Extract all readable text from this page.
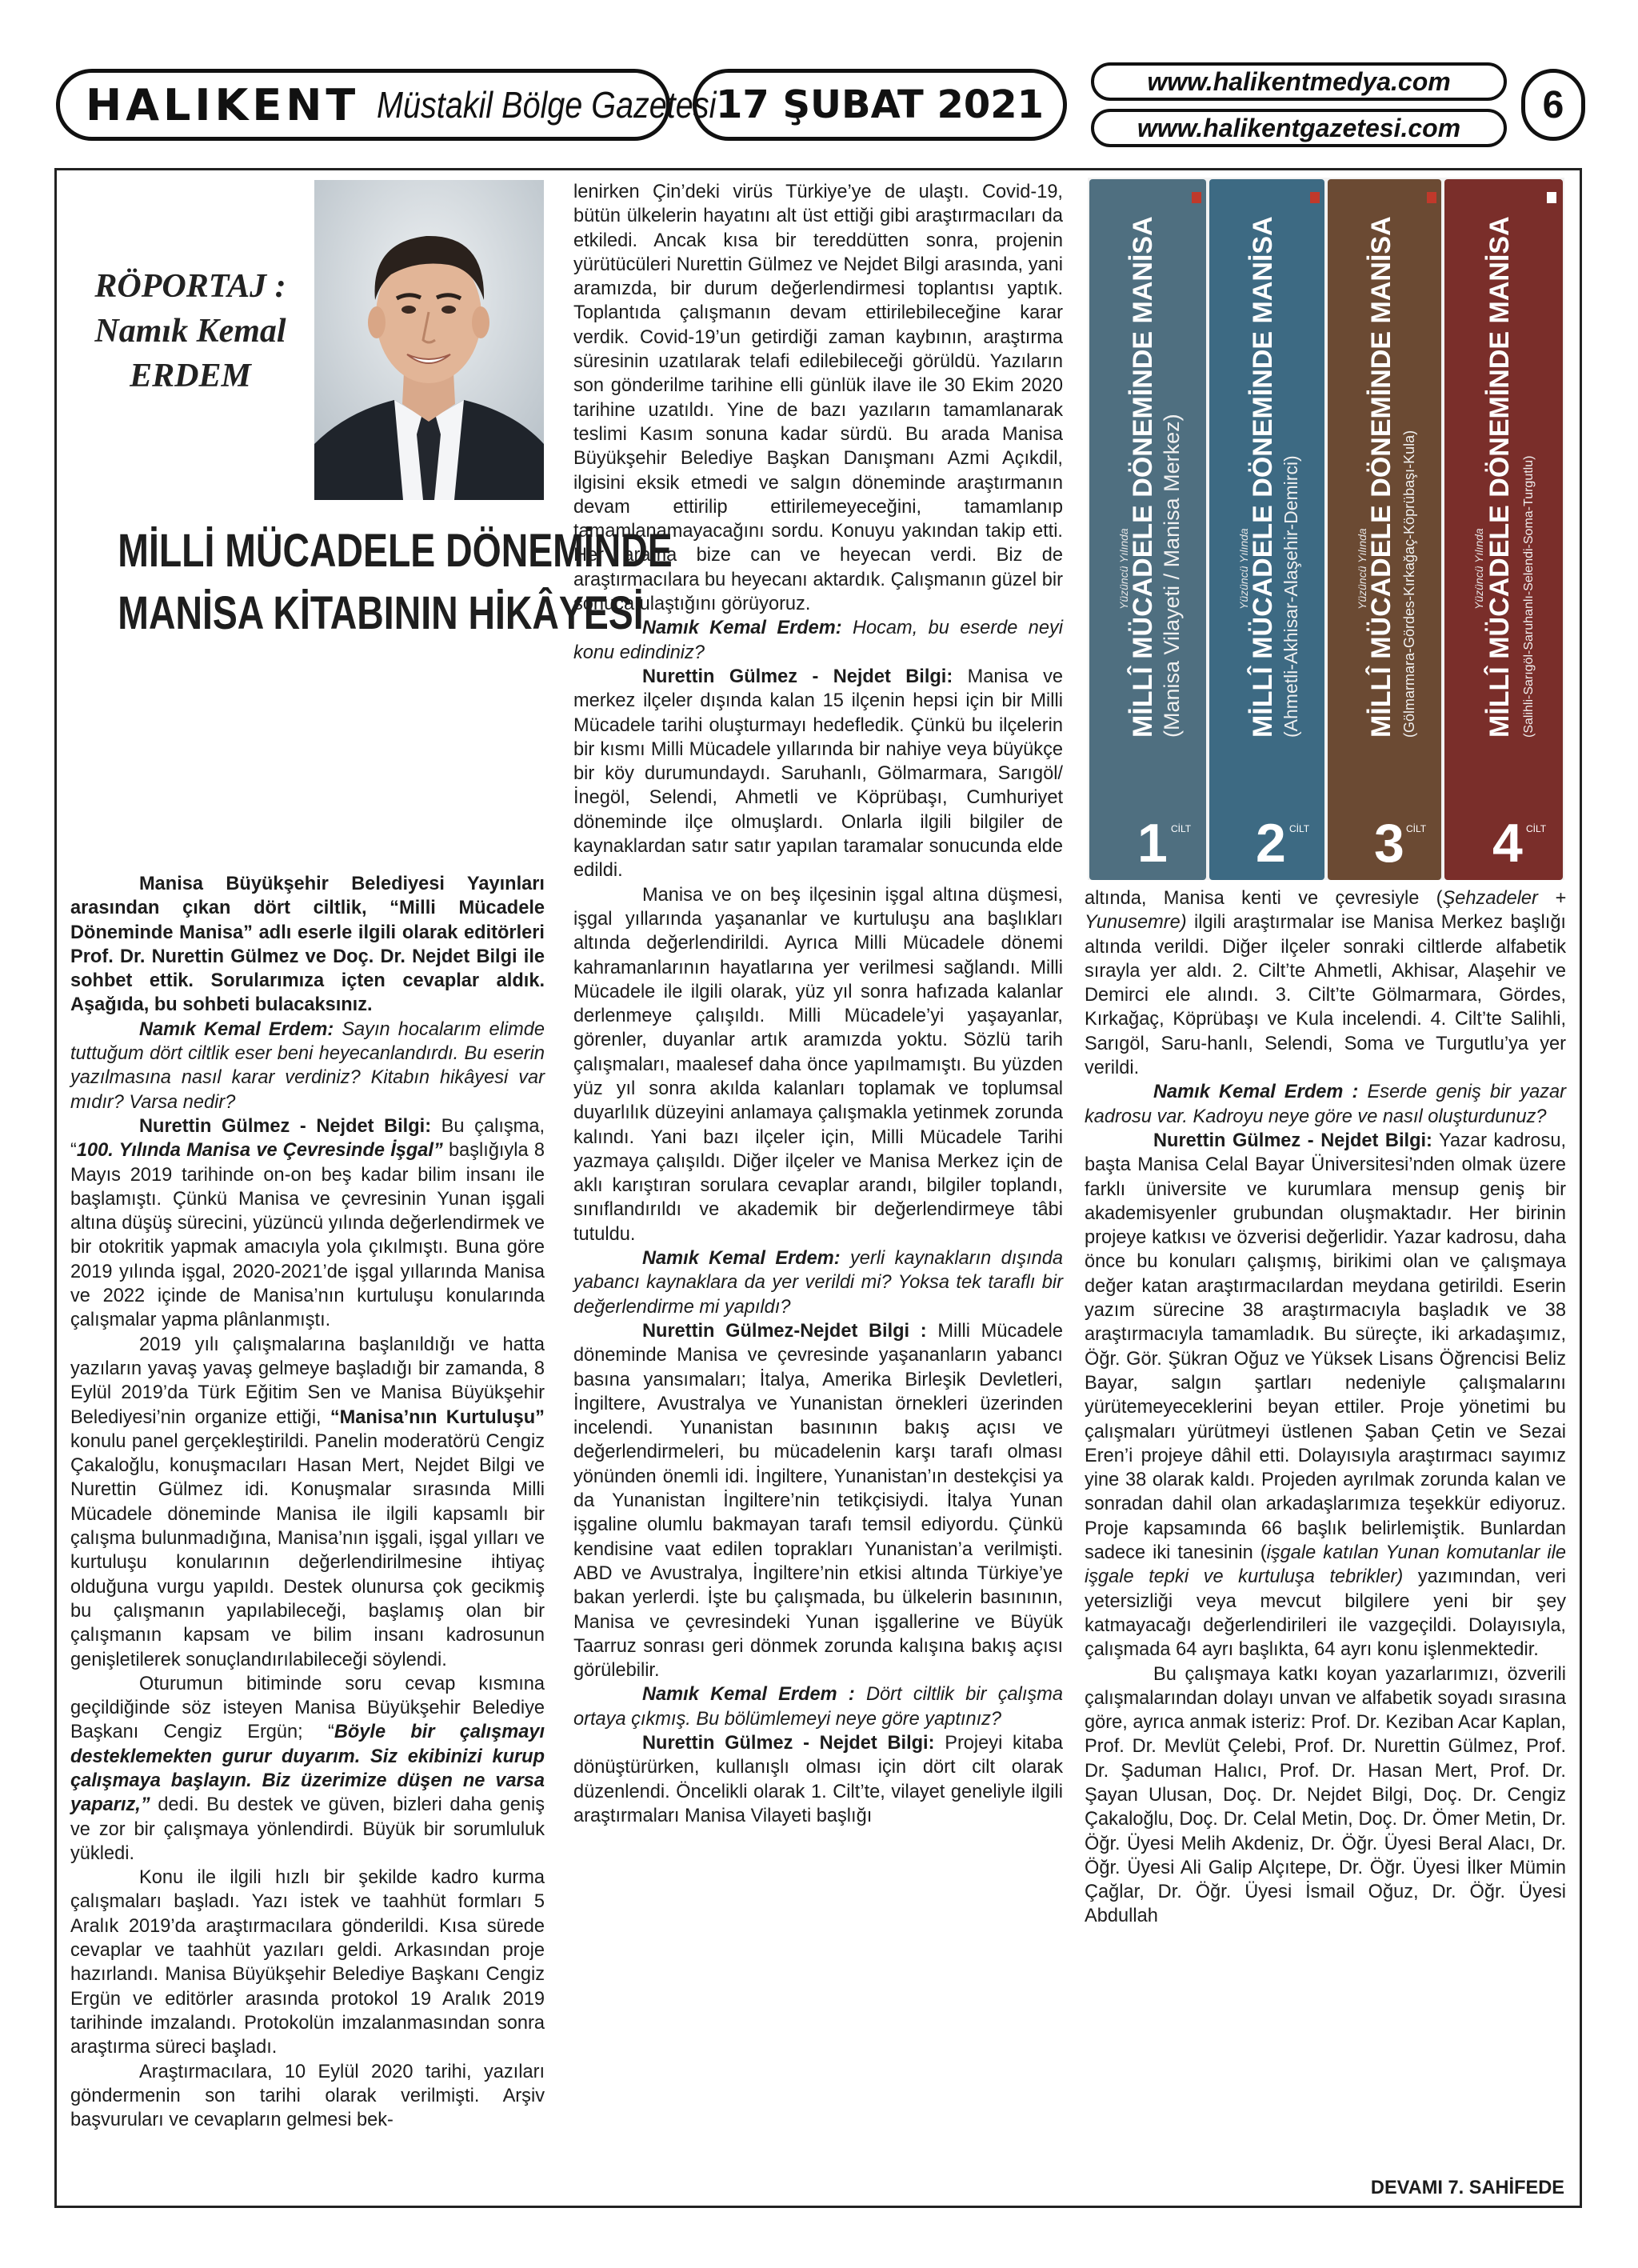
HALIKENT Müstakil Bölge Gazetesi 17 ŞUBAT 2021
www.halikentmedya.com
www.halikentgazetesi.com
6
RÖPORTAJ :
Namık Kemal
ERDEM
MİLLİ MÜCADELE DÖNEMİNDE
MANİSA KİTABININ HİKÂYESİ

Manisa Büyükşehir Belediyesi Yayınları arasından çıkan dört ciltlik, “Milli Mücadele Döneminde Manisa” adlı eserle ilgili olarak editörleri Prof. Dr. Nurettin Gülmez ve Doç. Dr. Nejdet Bilgi ile sohbet ettik. Sorularımıza içten cevaplar aldık. Aşağıda, bu sohbeti bulacaksınız.

Namık Kemal Erdem: Sayın hocalarım elimde tuttuğum dört ciltlik eser beni heyecanlandırdı. Bu eserin yazılmasına nasıl karar verdiniz? Kitabın hikâyesi var mıdır? Varsa nedir?

Nurettin Gülmez - Nejdet Bilgi: Bu çalışma, “100. Yılında Manisa ve Çevresinde İşgal” başlığıyla 8 Mayıs 2019 tarihinde on-on beş kadar bilim insanı ile başlamıştı. Çünkü Manisa ve çevresinin Yunan işgali altına düşüş sürecini, yüzüncü yılında değerlendirmek ve bir otokritik yapmak amacıyla yola çıkılmıştı. Buna göre 2019 yılında işgal, 2020-2021’de işgal yıllarında Manisa ve 2022 içinde de Manisa’nın kurtuluşu konularında çalışmalar yapma plânlanmıştı.

2019 yılı çalışmalarına başlanıldığı ve hatta yazıların yavaş yavaş gelmeye başladığı bir zamanda, 8 Eylül 2019’da Türk Eğitim Sen ve Manisa Büyükşehir Belediyesi’nin organize ettiği, “Manisa’nın Kurtuluşu” konulu panel gerçekleştirildi. Panelin moderatörü Cengiz Çakaloğlu, konuşmacıları Hasan Mert, Nejdet Bilgi ve Nurettin Gülmez idi. Konuşmalar sırasında Milli Mücadele döneminde Manisa ile ilgili kapsamlı bir çalışma bulunmadığına, Manisa’nın işgali, işgal yılları ve kurtuluşu konularının değerlendirilmesine ihtiyaç olduğuna vurgu yapıldı. Destek olunursa çok gecikmiş bu çalışmanın yapılabileceği, başlamış olan bir çalışmanın kapsam ve bilim insanı kadrosunun genişletilerek sonuçlandırılabileceği söylendi.

Oturumun bitiminde soru cevap kısmına geçildiğinde söz isteyen Manisa Büyükşehir Belediye Başkanı Cengiz Ergün; “Böyle bir çalışmayı desteklemekten gurur duyarım. Siz ekibinizi kurup çalışmaya başlayın. Biz üzerimize düşen ne varsa yaparız,” dedi. Bu destek ve güven, bizleri daha geniş ve zor bir çalışmaya yönlendirdi. Büyük bir sorumluluk yükledi.

Konu ile ilgili hızlı bir şekilde kadro kurma çalışmaları başladı. Yazı istek ve taahhüt formları 5 Aralık 2019’da araştırmacılara gönderildi. Kısa sürede cevaplar ve taahhüt yazıları geldi. Arkasından proje hazırlandı. Manisa Büyükşehir Belediye Başkanı Cengiz Ergün ve editörler arasında protokol 19 Aralık 2019 tarihinde imzalandı. Protokolün imzalanmasından sonra araştırma süreci başladı.

Araştırmacılara, 10 Eylül 2020 tarihi, yazıları göndermenin son tarihi olarak verilmişti. Arşiv başvuruları ve cevapların gelmesi bek-

lenirken Çin’deki virüs Türkiye’ye de ulaştı. Covid-19, bütün ülkelerin hayatını alt üst ettiği gibi araştırmacıları da etkiledi. Ancak kısa bir tereddütten sonra, projenin yürütücüleri Nurettin Gülmez ve Nejdet Bilgi arasında, yani aramızda, bir durum değerlendirmesi toplantısı yaptık. Toplantıda çalışmanın devam ettirilebileceğine karar verdik. Covid-19’un getirdiği zaman kaybının, araştırma süresinin uzatılarak telafi edilebileceği görüldü. Yazıların son gönderilme tarihine elli günlük ilave ile 30 Ekim 2020 tarihine uzatıldı. Yine de bazı yazıların tamamlanarak teslimi Kasım sonuna kadar sürdü. Bu arada Manisa Büyükşehir Belediye Başkan Danışmanı Azmi Açıkdil, ilgisini eksik etmedi ve salgın döneminde araştırmanın devam ettirilip ettirilemeyeceğini, tamamlanıp tamamlanamayacağını sordu. Konuyu yakından takip etti. Her arama bize can ve heyecan verdi. Biz de araştırmacılara bu heyecanı aktardık. Çalışmanın güzel bir sonuca ulaştığını görüyoruz.

Namık Kemal Erdem: Hocam, bu eserde neyi konu edindiniz?

Nurettin Gülmez - Nejdet Bilgi: Manisa ve merkez ilçeler dışında kalan 15 ilçenin hepsi için bir Milli Mücadele tarihi oluşturmayı hedefledik. Çünkü bu ilçelerin bir kısmı Milli Mücadele yıllarında bir nahiye veya büyükçe bir köy durumundaydı. Saruhanlı, Gölmarmara, Sarıgöl/İnegöl, Selendi, Ahmetli ve Köprübaşı, Cumhuriyet döneminde ilçe olmuşlardı. Onlarla ilgili bilgiler de kaynaklardan satır satır yapılan taramalar sonucunda elde edildi.

Manisa ve on beş ilçesinin işgal altına düşmesi, işgal yıllarında yaşananlar ve kurtuluşu ana başlıkları altında değerlendirildi. Ayrıca Milli Mücadele dönemi kahramanlarının hayatlarına yer verilmesi sağlandı. Milli Mücadele ile ilgili olarak, yüz yıl sonra hafızada kalanlar derlenmeye çalışıldı. Milli Mücadele’yi yaşayanlar, görenler, duyanlar artık aramızda yoktu. Sözlü tarih çalışmaları, maalesef daha önce yapılmamıştı. Bu yüzden yüz yıl sonra akılda kalanları toplamak ve toplumsal duyarlılık düzeyini anlamaya çalışmakla yetinmek zorunda kalındı. Yani bazı ilçeler için, Milli Mücadele Tarihi yazmaya çalışıldı. Diğer ilçeler ve Manisa Merkez için de aklı karıştıran sorulara cevaplar arandı, bilgiler toplandı, sınıflandırıldı ve akademik bir değerlendirmeye tâbi tutuldu.

Namık Kemal Erdem: yerli kaynakların dışında yabancı kaynaklara da yer verildi mi? Yoksa tek taraflı bir değerlendirme mi yapıldı?

Nurettin Gülmez-Nejdet Bilgi : Milli Mücadele döneminde Manisa ve çevresinde yaşananların yabancı basına yansımaları; İtalya, Amerika Birleşik Devletleri, İngiltere, Avustralya ve Yunanistan örnekleri üzerinden incelendi. Yunanistan basınının bakış açısı ve değerlendirmeleri, bu mücadelenin karşı tarafı olması yönünden önemli idi. İngiltere, Yunanistan’ın destekçisi ya da Yunanistan İngiltere’nin tetikçisiydi. İtalya Yunan işgaline olumlu bakmayan tarafı temsil ediyordu. Çünkü kendisine vaat edilen toprakları Yunanistan’a verilmişti. ABD ve Avustralya, İngiltere’nin etkisi altında Türkiye’ye bakan yerlerdi. İşte bu çalışmada, bu ülkelerin basınının, Manisa ve çevresindeki Yunan işgallerine ve Büyük Taarruz sonrası geri dönmek zorunda kalışına bakış açısı görülebilir.

Namık Kemal Erdem : Dört ciltlik bir çalışma ortaya çıkmış. Bu bölümlemeyi neye göre yaptınız?

Nurettin Gülmez - Nejdet Bilgi: Projeyi kitaba dönüştürürken, kullanışlı olması için dört cilt olarak düzenlendi. Öncelikli olarak 1. Cilt’te, vilayet geneliyle ilgili araştırmaları Manisa Vilayeti başlığı

Yüzüncü Yılında
MİLLÎ MÜCADELE DÖNEMİNDE MANİSA (Manisa Vilayeti / Manisa Merkez)
1 CİLT
Yüzüncü Yılında
MİLLÎ MÜCADELE DÖNEMİNDE MANİSA (Ahmetli-Akhisar-Alaşehir-Demirci)
2 CİLT
Yüzüncü Yılında
MİLLÎ MÜCADELE DÖNEMİNDE MANİSA (Gölmarmara-Gördes-Kırkağaç-Köprübaşı-Kula)
3 CİLT
Yüzüncü Yılında MİLLÎ MÜCADELE DÖNEMİNDE MANİSA (Salihli-Sarıgöl-Saruhanlı-Selendi-Soma-Turgutlu)
4 CİLT

altında, Manisa kenti ve çevresiyle (Şehzadeler + Yunusemre) ilgili araştırmalar ise Manisa Merkez başlığı altında verildi. Diğer ilçeler sonraki ciltlerde alfabetik sırayla yer aldı. 2. Cilt’te Ahmetli, Akhisar, Alaşehir ve Demirci ele alındı. 3. Cilt’te Gölmarmara, Gördes, Kırkağaç, Köprübaşı ve Kula incelendi. 4. Cilt’te Salihli, Sarıgöl, Saru-hanlı, Selendi, Soma ve Turgutlu’ya yer verildi.

Namık Kemal Erdem : Eserde geniş bir yazar kadrosu var. Kadroyu neye göre ve nasıl oluşturdunuz?

Nurettin Gülmez - Nejdet Bilgi: Yazar kadrosu, başta Manisa Celal Bayar Üniversitesi’nden olmak üzere farklı üniversite ve kurumlara mensup geniş bir akademisyenler grubundan oluşmaktadır. Her birinin projeye katkısı ve özverisi değerlidir. Yazar kadrosu, daha önce bu konuları çalışmış, birikimi olan ve çalışmaya değer katan araştırmacılardan meydana getirildi. Eserin yazım sürecine 38 araştırmacıyla başladık ve 38 araştırmacıyla tamamladık. Bu süreçte, iki arkadaşımız, Öğr. Gör. Şükran Oğuz ve Yüksek Lisans Öğrencisi Beliz Bayar, salgın şartları nedeniyle çalışmalarını yürütemeyeceklerini beyan ettiler. Proje yönetimi bu çalışmaları yürütmeyi üstlenen Şaban Çetin ve Sezai Eren’i projeye dâhil etti. Dolayısıyla araştırmacı sayımız yine 38 olarak kaldı. Projeden ayrılmak zorunda kalan ve sonradan dahil olan arkadaşlarımıza teşekkür ediyoruz. Proje kapsamında 66 başlık belirlemiştik. Bunlardan sadece iki tanesinin (işgale katılan Yunan komutanlar ile işgale tepki ve kurtuluşa tebrikler) yazımından, veri yetersizliği veya mevcut bilgilere yeni bir şey katmayacağı değerlendirileri ile vazgeçildi. Dolayısıyla, çalışmada 64 ayrı başlıkta, 64 ayrı konu işlenmektedir.

Bu çalışmaya katkı koyan yazarlarımızı, özverili çalışmalarından dolayı unvan ve alfabetik soyadı sırasına göre, ayrıca anmak isteriz: Prof. Dr. Keziban Acar Kaplan, Prof. Dr. Mevlüt Çelebi, Prof. Dr. Nurettin Gülmez, Prof. Dr. Şaduman Halıcı, Prof. Dr. Hasan Mert, Prof. Dr. Şayan Ulusan, Doç. Dr. Nejdet Bilgi, Doç. Dr. Cengiz Çakaloğlu, Doç. Dr. Celal Metin, Doç. Dr. Ömer Metin, Dr. Öğr. Üyesi Melih Akdeniz, Dr. Öğr. Üyesi Beral Alacı, Dr. Öğr. Üyesi Ali Galip Alçıtepe, Dr. Öğr. Üyesi İlker Mümin Çağlar, Dr. Öğr. Üyesi İsmail Oğuz, Dr. Öğr. Üyesi Abdullah

DEVAMI 7. SAHİFEDE
